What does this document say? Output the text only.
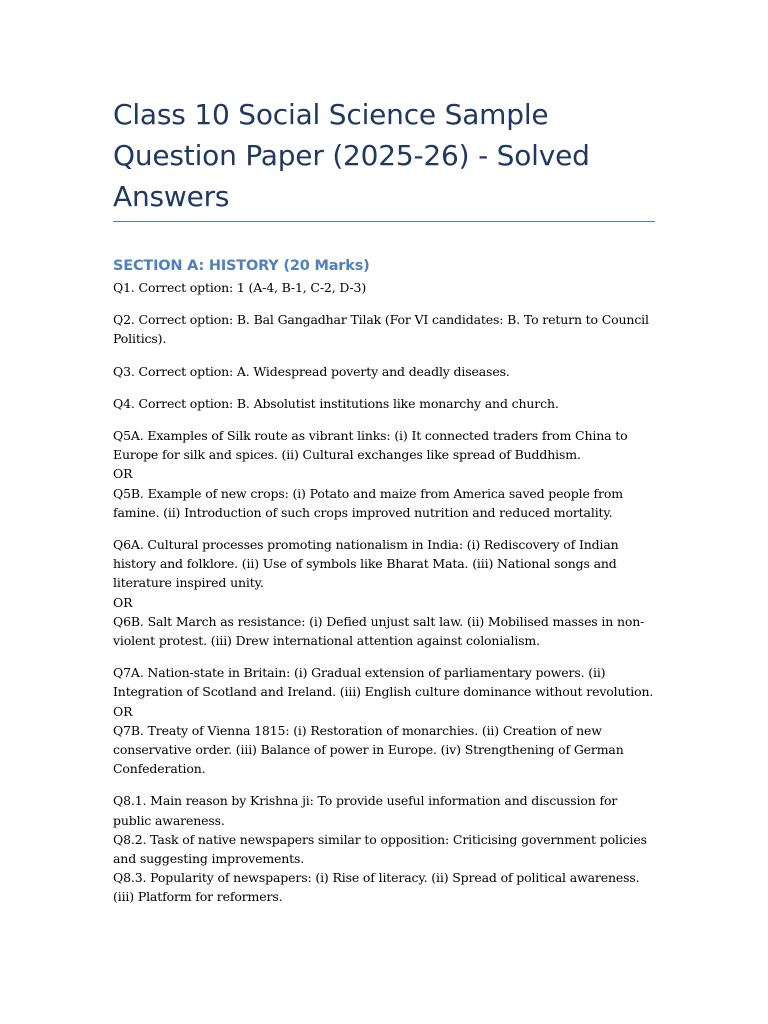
Class 10 Social Science Sample Question Paper (2025-26) - Solved Answers
SECTION A: HISTORY (20 Marks)

Q1. Correct option: 1 (A-4, B-1, C-2, D-3)

Q2. Correct option: B. Bal Gangadhar Tilak (For VI candidates: B. To return to Council Politics).

Q3. Correct option: A. Widespread poverty and deadly diseases.

Q4. Correct option: B. Absolutist institutions like monarchy and church.

Q5A. Examples of Silk route as vibrant links: (i) It connected traders from China to Europe for silk and spices. (ii) Cultural exchanges like spread of Buddhism.
OR
Q5B. Example of new crops: (i) Potato and maize from America saved people from famine. (ii) Introduction of such crops improved nutrition and reduced mortality.

Q6A. Cultural processes promoting nationalism in India: (i) Rediscovery of Indian history and folklore. (ii) Use of symbols like Bharat Mata. (iii) National songs and literature inspired unity.
OR
Q6B. Salt March as resistance: (i) Defied unjust salt law. (ii) Mobilised masses in non-violent protest. (iii) Drew international attention against colonialism.

Q7A. Nation-state in Britain: (i) Gradual extension of parliamentary powers. (ii) Integration of Scotland and Ireland. (iii) English culture dominance without revolution.
OR
Q7B. Treaty of Vienna 1815: (i) Restoration of monarchies. (ii) Creation of new conservative order. (iii) Balance of power in Europe. (iv) Strengthening of German Confederation.

Q8.1. Main reason by Krishna ji: To provide useful information and discussion for public awareness.
Q8.2. Task of native newspapers similar to opposition: Criticising government policies and suggesting improvements.
Q8.3. Popularity of newspapers: (i) Rise of literacy. (ii) Spread of political awareness. (iii) Platform for reformers.
